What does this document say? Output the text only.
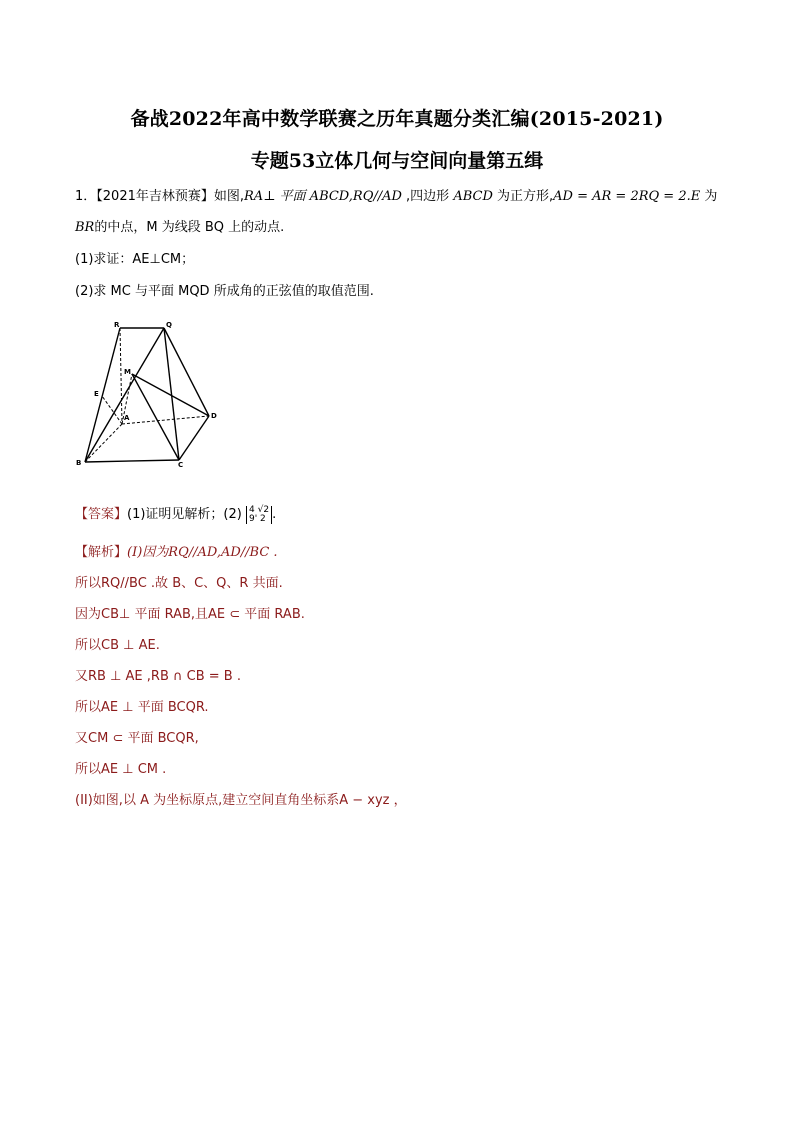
备战2022年高中数学联赛之历年真题分类汇编(2015-2021)
专题53立体几何与空间向量第五缉
1．【2021年吉林预赛】如图,RA⊥ 平面 ABCD,RQ//AD ,四边形 ABCD 为正方形,AD = AR = 2RQ = 2.E 为
BR的中点，M 为线段 BQ 上的动点.
(1)求证：AE⊥CM；
(2)求 MC 与平面 MQD 所成角的正弦值的取值范围.
R	Q
M
E
A	D
B	C
【答案】(1)证明见解析；(2) 4 √2
9' 2 .
【解析】(I)因为RQ//AD,AD//BC .
所以RQ//BC .故 B、C、Q、R 共面.
因为CB⊥ 平面 RAB,且AE ⊂ 平面 RAB.
所以CB ⊥ AE.
又RB ⊥ AE ,RB ∩ CB = B .
所以AE ⊥ 平面 BCQR.
又CM ⊂ 平面 BCQR,
所以AE ⊥ CM .
(II)如图,以 A 为坐标原点,建立空间直角坐标系A − xyz ，
